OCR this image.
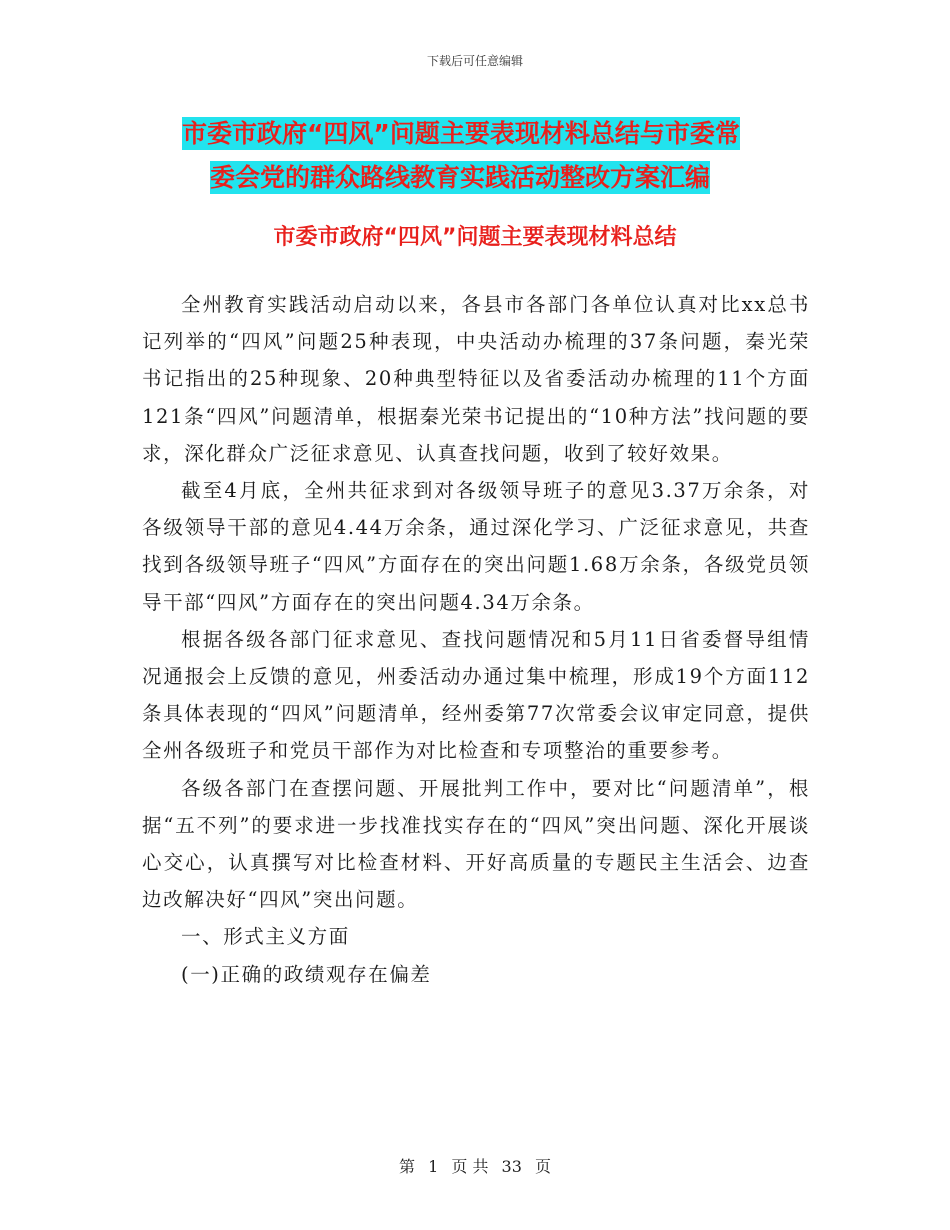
下载后可任意编辑
市委市政府“四风”问题主要表现材料总结与市委常
委会党的群众路线教育实践活动整改方案汇编
市委市政府“四风”问题主要表现材料总结

全州教育实践活动启动以来，各县市各部门各单位认真对比xx总书记列举的“四风”问题25种表现，中央活动办梳理的37条问题，秦光荣书记指出的25种现象、20种典型特征以及省委活动办梳理的11个方面121条“四风”问题清单，根据秦光荣书记提出的“10种方法”找问题的要求，深化群众广泛征求意见、认真查找问题，收到了较好效果。

截至4月底，全州共征求到对各级领导班子的意见3.37万余条，对各级领导干部的意见4.44万余条，通过深化学习、广泛征求意见，共查找到各级领导班子“四风”方面存在的突出问题1.68万余条，各级党员领导干部“四风”方面存在的突出问题4.34万余条。

根据各级各部门征求意见、查找问题情况和5月11日省委督导组情况通报会上反馈的意见，州委活动办通过集中梳理，形成19个方面112条具体表现的“四风”问题清单，经州委第77次常委会议审定同意，提供全州各级班子和党员干部作为对比检查和专项整治的重要参考。

各级各部门在查摆问题、开展批判工作中，要对比“问题清单”，根据“五不列”的要求进一步找准找实存在的“四风”突出问题、深化开展谈心交心，认真撰写对比检查材料、开好高质量的专题民主生活会、边查边改解决好“四风”突出问题。

一、形式主义方面

(一)正确的政绩观存在偏差

第 1 页 共 33 页
